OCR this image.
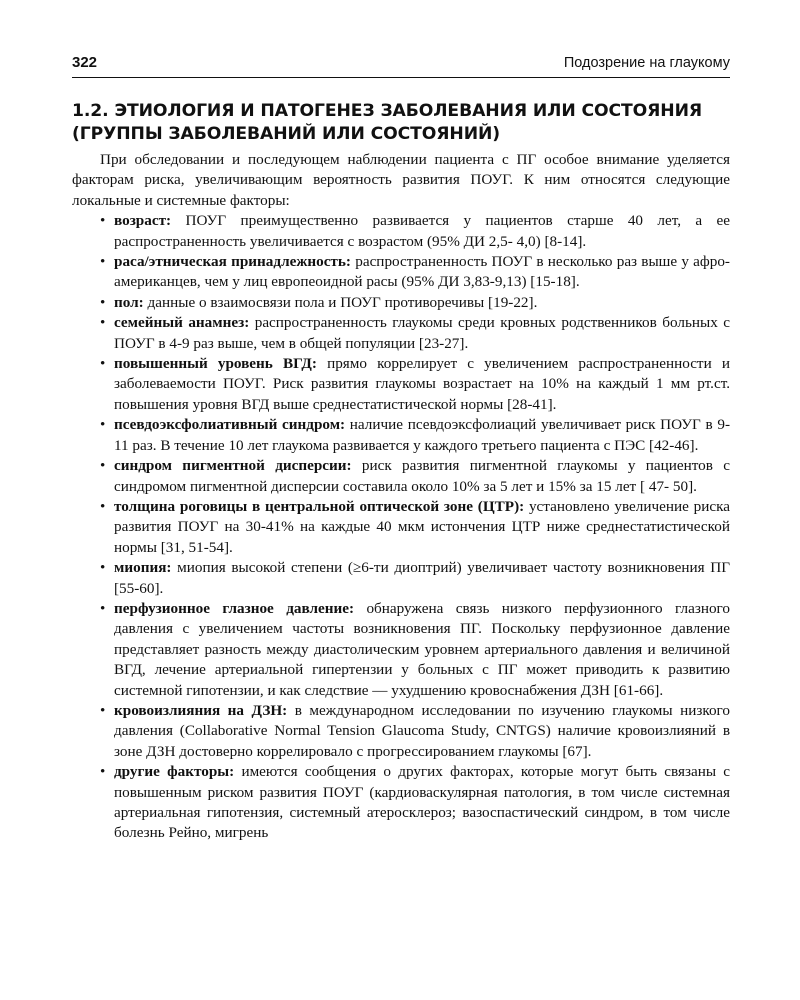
322	Подозрение на глаукому
1.2. ЭТИОЛОГИЯ И ПАТОГЕНЕЗ ЗАБОЛЕВАНИЯ ИЛИ СОСТОЯНИЯ
(ГРУППЫ ЗАБОЛЕВАНИЙ ИЛИ СОСТОЯНИЙ)

При обследовании и последующем наблюдении пациента с ПГ особое внимание уделяется факторам риска, увеличивающим вероятность развития ПОУГ. К ним относятся следующие локальные и системные факторы:

• возраст: ПОУГ преимущественно развивается у пациентов старше 40 лет, а ее распространенность увеличивается с возрастом (95% ДИ 2,5- 4,0) [8-14].
• раса/этническая принадлежность: распространенность ПОУГ в несколько раз выше у афро-американцев, чем у лиц европеоидной расы (95% ДИ 3,83-9,13) [15-18].
• пол: данные о взаимосвязи пола и ПОУГ противоречивы [19-22].
• семейный анамнез: распространенность глаукомы среди кровных родственников больных с ПОУГ в 4-9 раз выше, чем в общей популяции [23-27].
• повышенный уровень ВГД: прямо коррелирует с увеличением распространенности и заболеваемости ПОУГ. Риск развития глаукомы возрастает на 10% на каждый 1 мм рт.ст. повышения уровня ВГД выше среднестатистической нормы [28-41].
• псевдоэксфолиативный синдром: наличие псевдоэксфолиаций увеличивает риск ПОУГ в 9-11 раз. В течение 10 лет глаукома развивается у каждого третьего пациента с ПЭС [42-46].
• синдром пигментной дисперсии: риск развития пигментной глаукомы у пациентов с синдромом пигментной дисперсии составила около 10% за 5 лет и 15% за 15 лет [ 47- 50].
• толщина роговицы в центральной оптической зоне (ЦТР): установлено увеличение риска развития ПОУГ на 30-41% на каждые 40 мкм истончения ЦТР ниже среднестатистической нормы [31, 51-54].
• миопия: миопия высокой степени (≥6-ти диоптрий) увеличивает частоту возникновения ПГ [55-60].
• перфузионное глазное давление: обнаружена связь низкого перфузионного глазного давления с увеличением частоты возникновения ПГ. Поскольку перфузионное давление представляет разность между диастолическим уровнем артериального давления и величиной ВГД, лечение артериальной гипертензии у больных с ПГ может приводить к развитию системной гипотензии, и как следствие — ухудшению кровоснабжения ДЗН [61-66].
• кровоизлияния на ДЗН: в международном исследовании по изучению глаукомы низкого давления (Collaborative Normal Tension Glaucoma Study, CNTGS) наличие кровоизлияний в зоне ДЗН достоверно коррелировало с прогрессированием глаукомы [67].
• другие факторы: имеются сообщения о других факторах, которые могут быть связаны с повышенным риском развития ПОУГ (кардиоваскулярная патология, в том числе системная артериальная гипотензия, системный атеросклероз; вазоспастический синдром, в том числе болезнь Рейно, мигрень
